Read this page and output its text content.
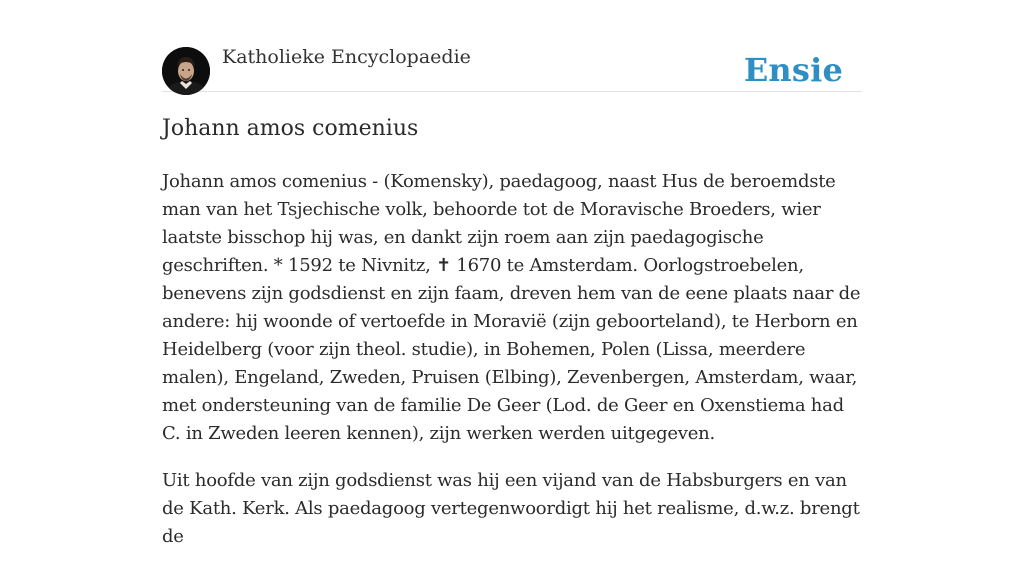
Katholieke Encyclopaedie	Ensie
Johann amos comenius

Johann amos comenius - (Komensky), paedagoog, naast Hus de beroemdste man van het Tsjechische volk, behoorde tot de Moravische Broeders, wier laatste bisschop hij was, en dankt zijn roem aan zijn paedagogische geschriften. * 1592 te Nivnitz, ✝ 1670 te Amsterdam. Oorlogstroebelen, benevens zijn godsdienst en zijn faam, dreven hem van de eene plaats naar de andere: hij woonde of vertoefde in Moravië (zijn geboorteland), te Herborn en Heidelberg (voor zijn theol. studie), in Bohemen, Polen (Lissa, meerdere malen), Engeland, Zweden, Pruisen (Elbing), Zevenbergen, Amsterdam, waar, met ondersteuning van de familie De Geer (Lod. de Geer en Oxenstiema had C. in Zweden leeren kennen), zijn werken werden uitgegeven.

Uit hoofde van zijn godsdienst was hij een vijand van de Habsburgers en van de Kath. Kerk. Als paedagoog vertegenwoordigt hij het realisme, d.w.z. brengt de
